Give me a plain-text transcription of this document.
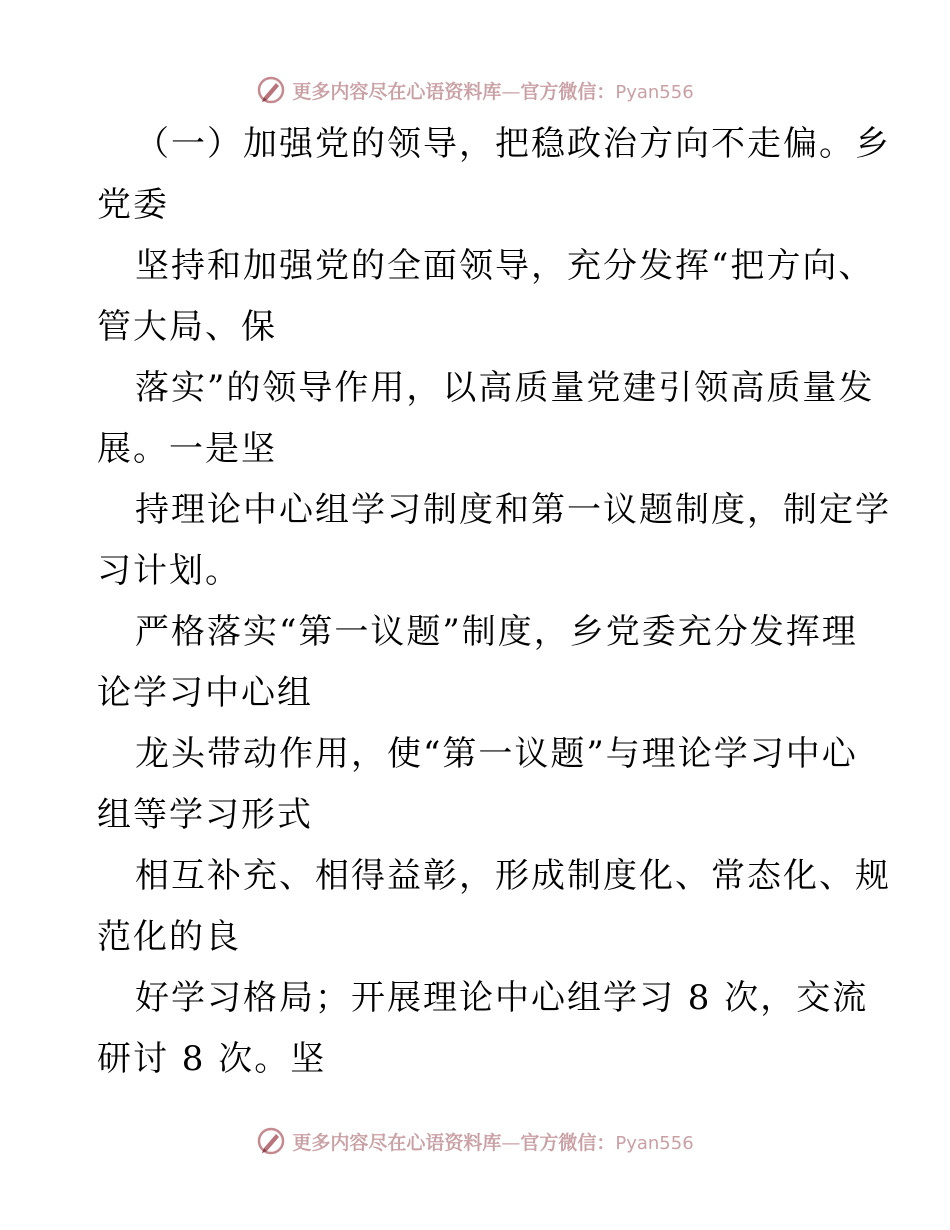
更多内容尽在心语资料库—官方微信：Pyan556
（一）加强党的领导，把稳政治方向不走偏。乡
党委
坚持和加强党的全面领导，充分发挥“把方向、
管大局、保
落实”的领导作用，以高质量党建引领高质量发
展。一是坚
持理论中心组学习制度和第一议题制度，制定学
习计划。
严格落实“第一议题”制度，乡党委充分发挥理
论学习中心组
龙头带动作用，使“第一议题”与理论学习中心
组等学习形式
相互补充、相得益彰，形成制度化、常态化、规
范化的良
好学习格局；开展理论中心组学习 8 次，交流
研讨 8 次。坚
更多内容尽在心语资料库—官方微信：Pyan556
